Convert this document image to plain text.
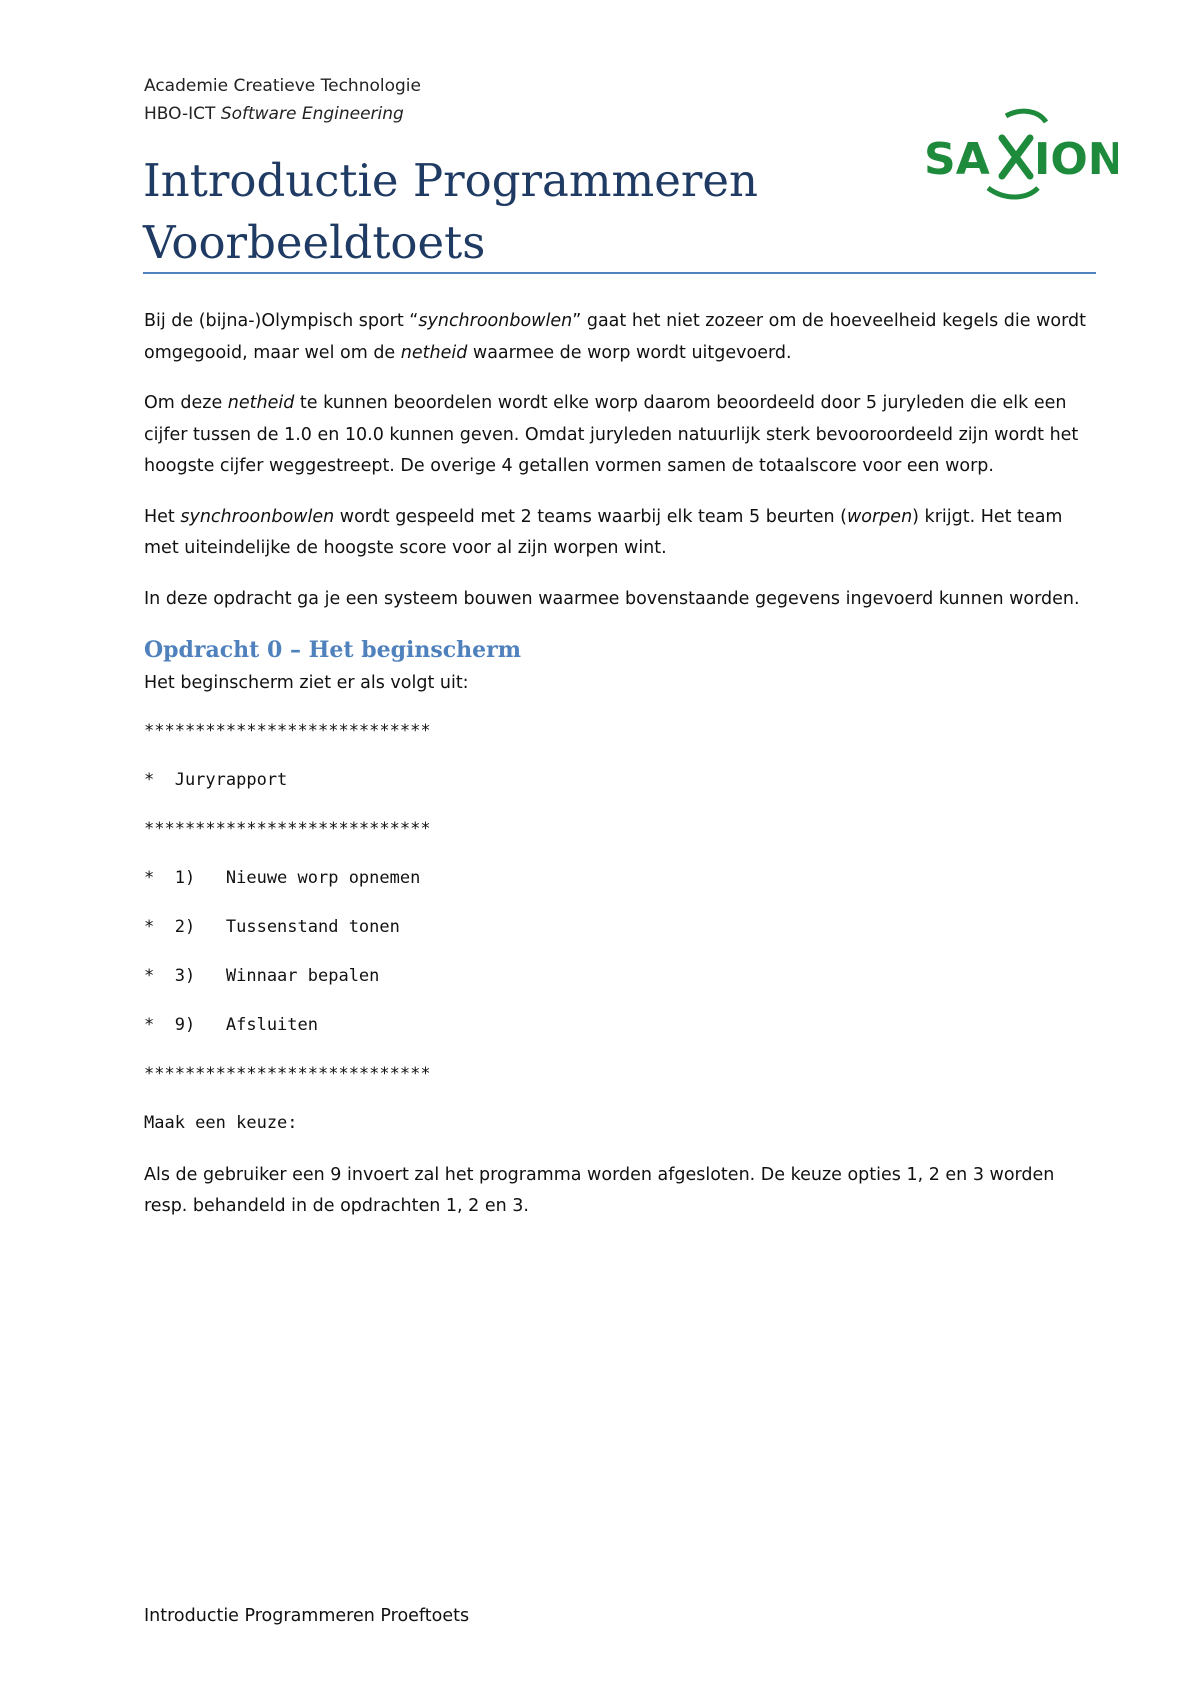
Academie Creatieve Technologie
HBO-ICT Software Engineering
SA ION
Introductie Programmeren
Voorbeeldtoets

Bij de (bijna-)Olympisch sport “synchroonbowlen” gaat het niet zozeer om de hoeveelheid kegels die wordt omgegooid, maar wel om de netheid waarmee de worp wordt uitgevoerd.

Om deze netheid te kunnen beoordelen wordt elke worp daarom beoordeeld door 5 juryleden die elk een cijfer tussen de 1.0 en 10.0 kunnen geven. Omdat juryleden natuurlijk sterk bevooroordeeld zijn wordt het hoogste cijfer weggestreept. De overige 4 getallen vormen samen de totaalscore voor een worp.

Het synchroonbowlen wordt gespeeld met 2 teams waarbij elk team 5 beurten (worpen) krijgt. Het team met uiteindelijke de hoogste score voor al zijn worpen wint.

In deze opdracht ga je een systeem bouwen waarmee bovenstaande gegevens ingevoerd kunnen worden.

Opdracht 0 – Het beginscherm

Het beginscherm ziet er als volgt uit:

****************************
*  Juryrapport
****************************
*  1)   Nieuwe worp opnemen
*  2)   Tussenstand tonen
*  3)   Winnaar bepalen
*  9)   Afsluiten
****************************
Maak een keuze:

Als de gebruiker een 9 invoert zal het programma worden afgesloten. De keuze opties 1, 2 en 3 worden resp. behandeld in de opdrachten 1, 2 en 3.

Introductie Programmeren Proeftoets
